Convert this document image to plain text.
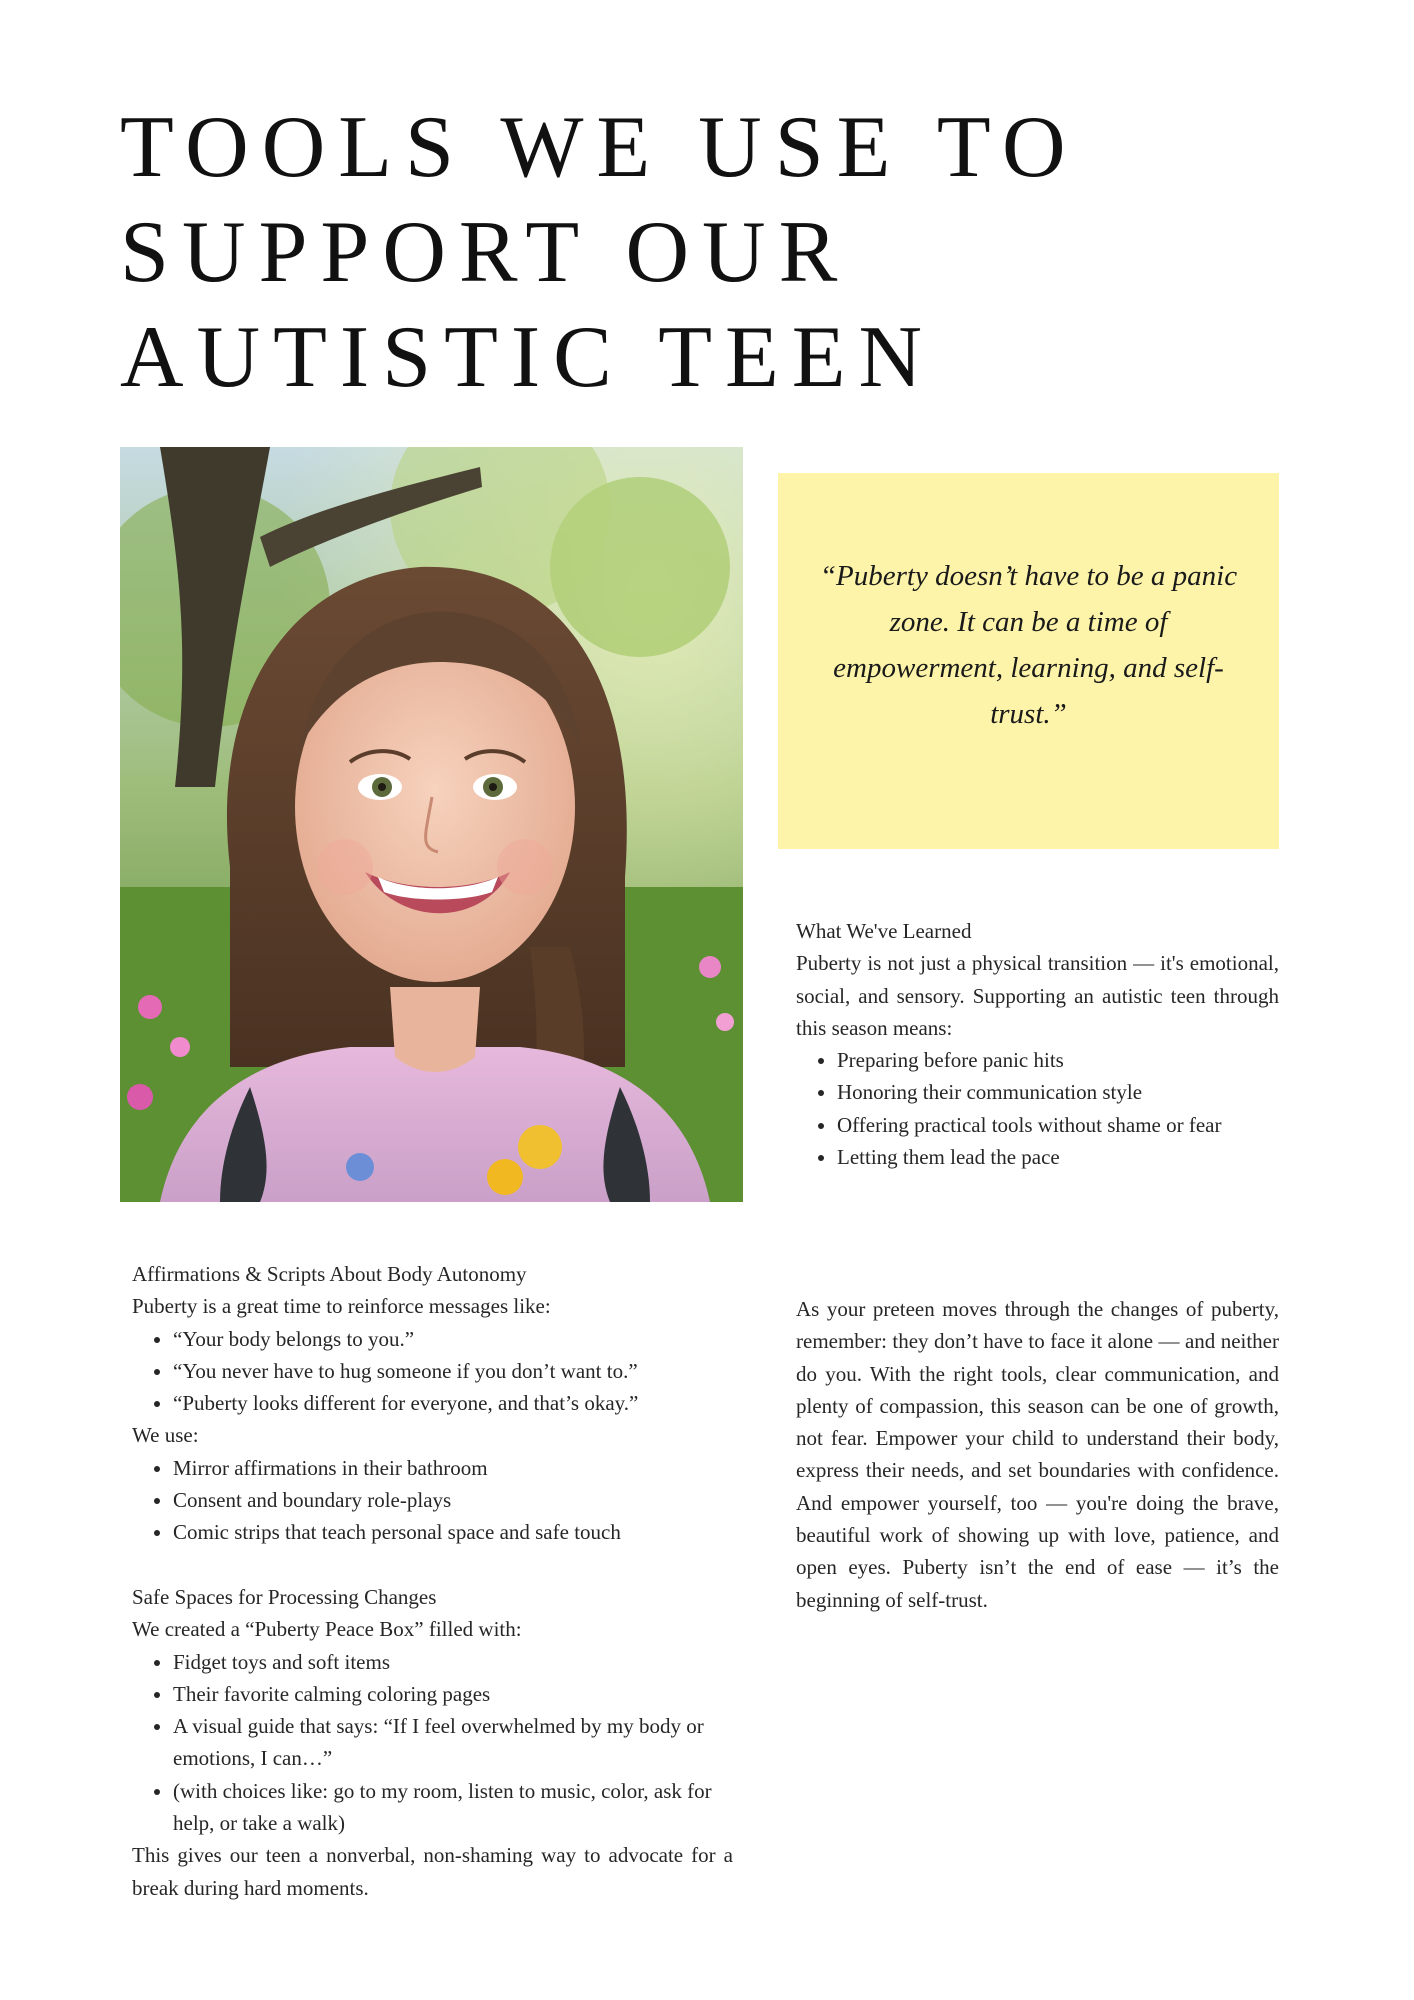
TOOLS WE USE TO
SUPPORT OUR
AUTISTIC TEEN

“Puberty doesn’t have to be a panic zone. It can be a time of empowerment, learning, and self-trust.”

What We've Learned

Puberty is not just a physical transition — it's emotional, social, and sensory. Supporting an autistic teen through this season means:

• Preparing before panic hits
• Honoring their communication style
• Offering practical tools without shame or fear
• Letting them lead the pace

Affirmations & Scripts About Body Autonomy

Puberty is a great time to reinforce messages like:

• “Your body belongs to you.”
• “You never have to hug someone if you don’t want to.”
• “Puberty looks different for everyone, and that’s okay.”

We use:

• Mirror affirmations in their bathroom
• Consent and boundary role-plays
• Comic strips that teach personal space and safe touch

Safe Spaces for Processing Changes

We created a “Puberty Peace Box” filled with:

• Fidget toys and soft items
• Their favorite calming coloring pages
• A visual guide that says: “If I feel overwhelmed by my body or emotions, I can…”
• (with choices like: go to my room, listen to music, color, ask for help, or take a walk)

This gives our teen a nonverbal, non-shaming way to advocate for a break during hard moments.

As your preteen moves through the changes of puberty, remember: they don’t have to face it alone — and neither do you. With the right tools, clear communication, and plenty of compassion, this season can be one of growth, not fear. Empower your child to understand their body, express their needs, and set boundaries with confidence. And empower yourself, too — you're doing the brave, beautiful work of showing up with love, patience, and open eyes. Puberty isn’t the end of ease — it’s the beginning of self-trust.
